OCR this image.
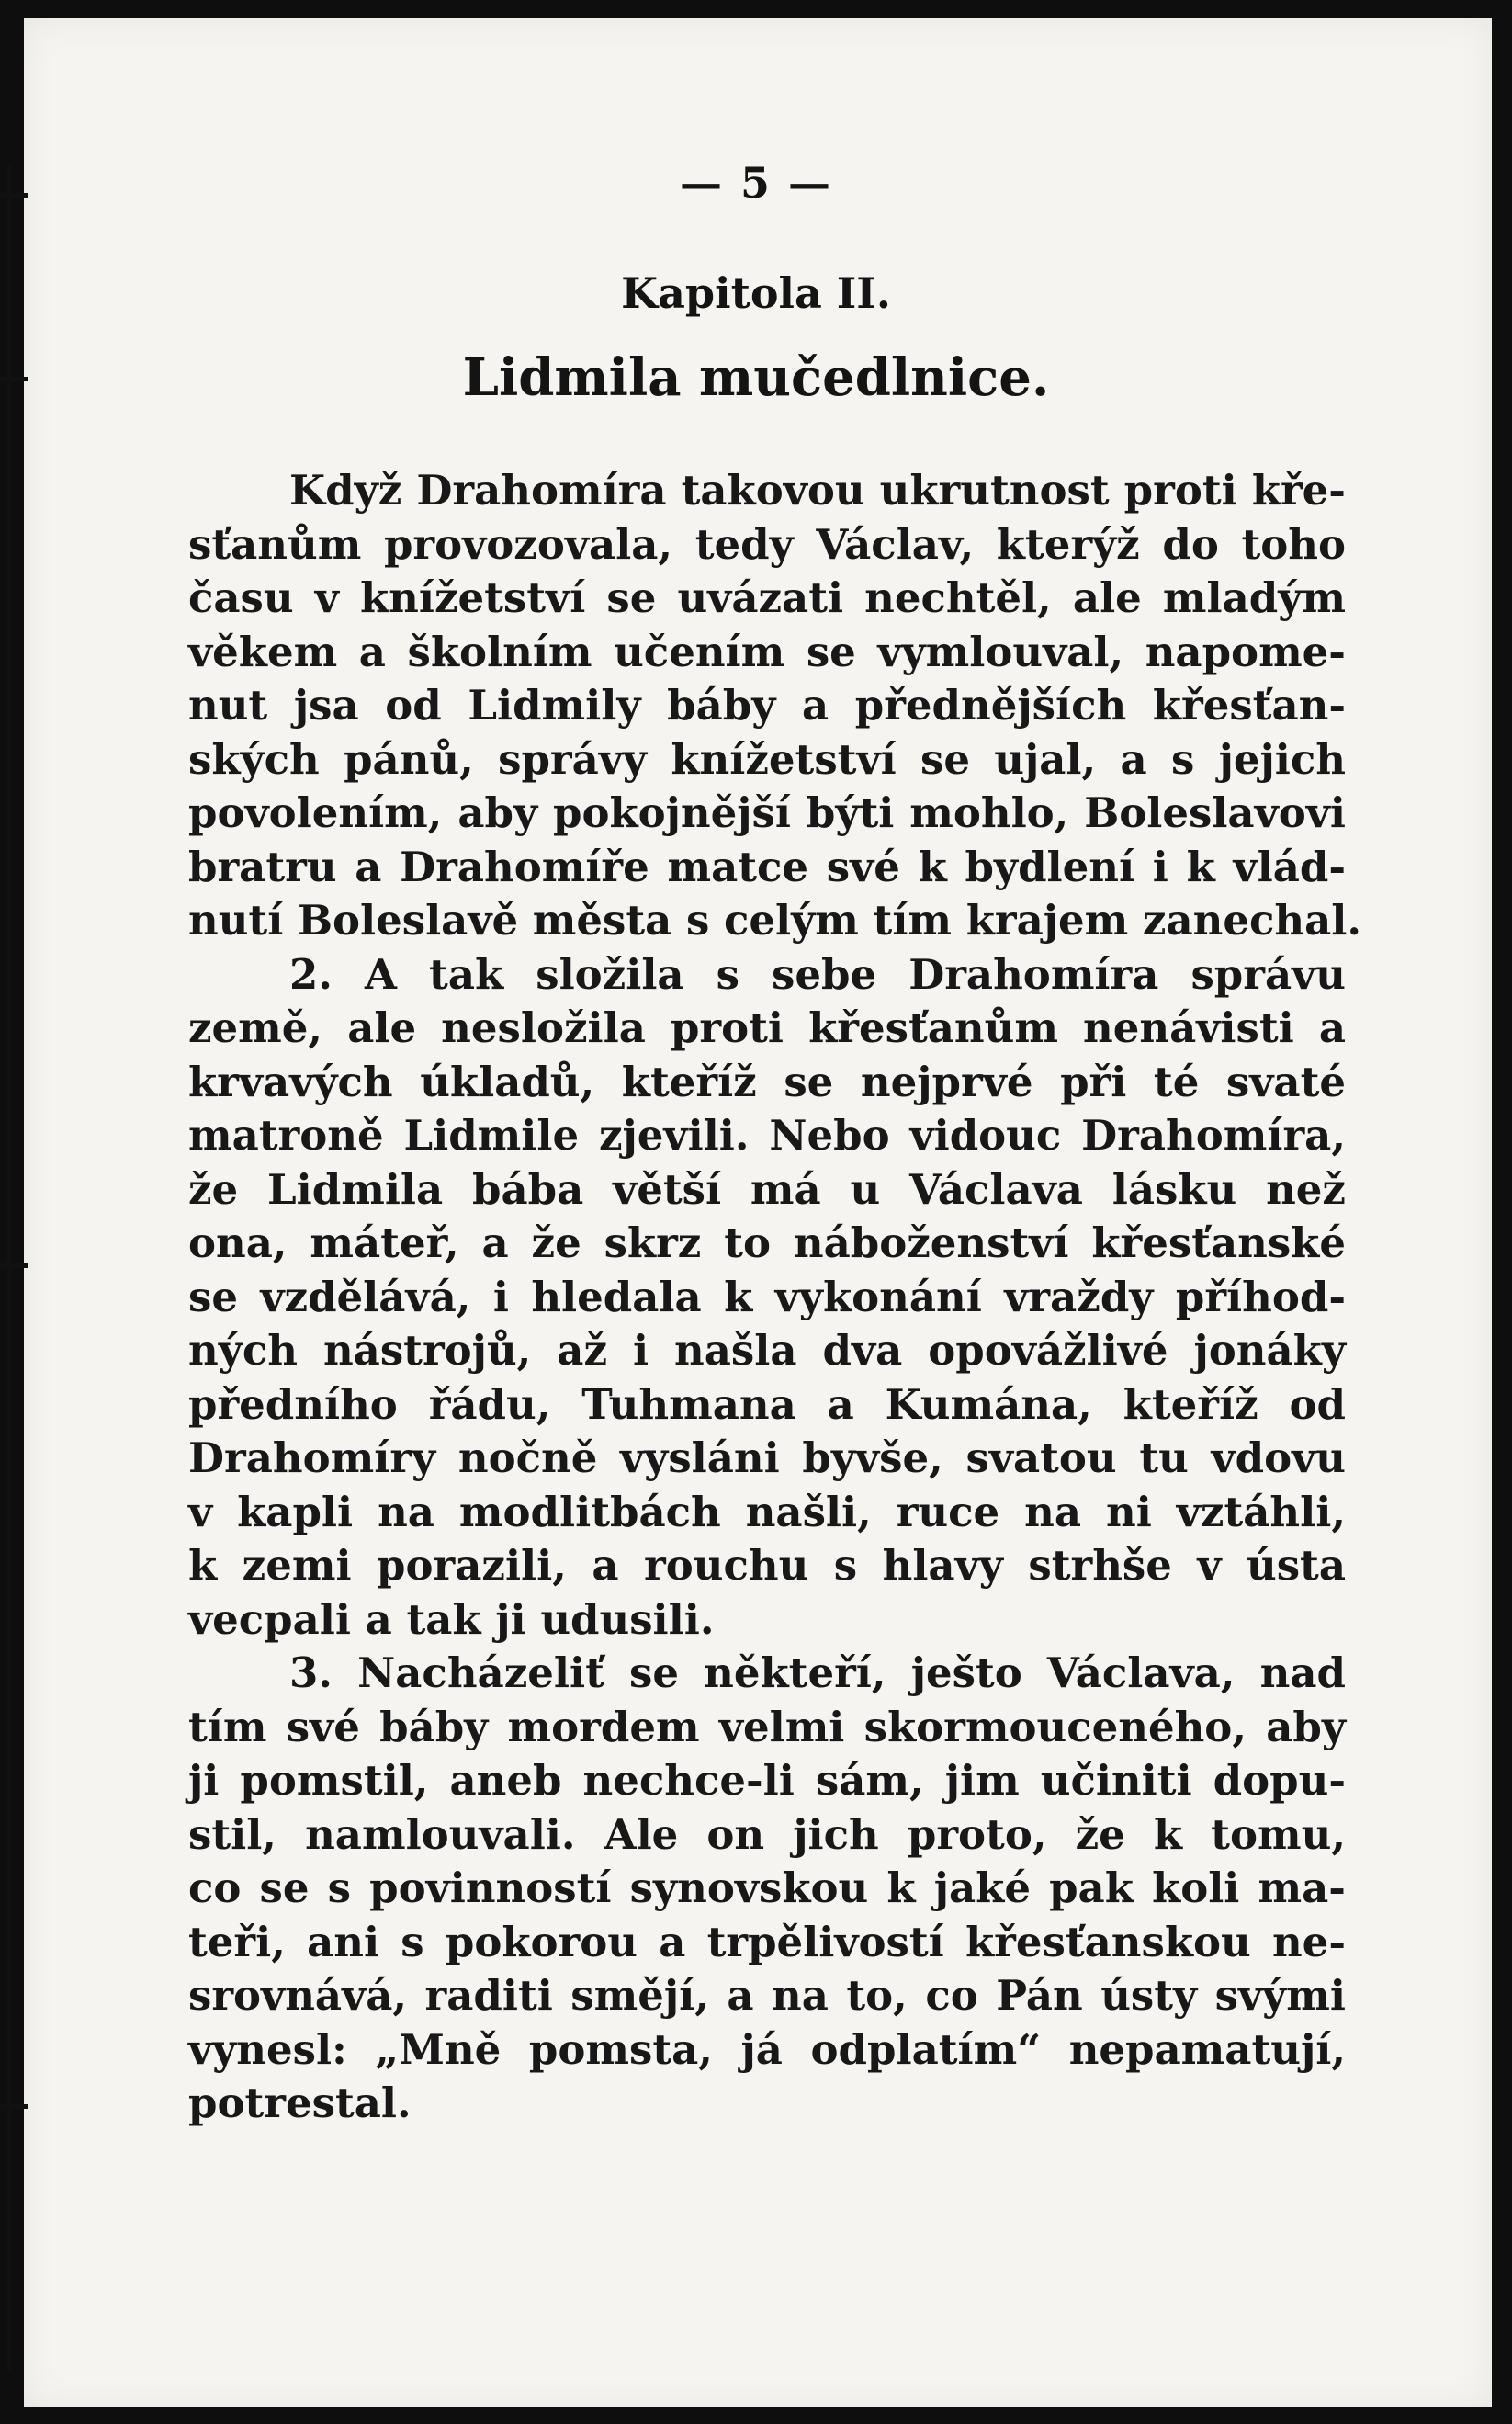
— 5 —
Kapitola II.
Lidmila mučedlnice.
Když Drahomíra takovou ukrutnost proti kře-
sťanům provozovala, tedy Václav, kterýž do toho
času v knížetství se uvázati nechtěl, ale mladým
věkem a školním učením se vymlouval, napome-
nut jsa od Lidmily báby a přednějších křesťan-
ských pánů, správy knížetství se ujal, a s jejich
povolením, aby pokojnější býti mohlo, Boleslavovi
bratru a Drahomíře matce své k bydlení i k vlád-
nutí Boleslavě města s celým tím krajem zanechal.
2. A tak složila s sebe Drahomíra správu
země, ale nesložila proti křesťanům nenávisti a
krvavých úkladů, kteříž se nejprvé při té svaté
matroně Lidmile zjevili. Nebo vidouc Drahomíra,
že Lidmila bába větší má u Václava lásku než
ona, máteř, a že skrz to náboženství křesťanské
se vzdělává, i hledala k vykonání vraždy příhod-
ných nástrojů, až i našla dva opovážlivé jonáky
předního řádu, Tuhmana a Kumána, kteříž od
Drahomíry nočně vysláni byvše, svatou tu vdovu
v kapli na modlitbách našli, ruce na ni vztáhli,
k zemi porazili, a rouchu s hlavy strhše v ústa
vecpali a tak ji udusili.
3. Nacházeliť se někteří, ješto Václava, nad
tím své báby mordem velmi skormouceného, aby
ji pomstil, aneb nechce-li sám, jim učiniti dopu-
stil, namlouvali. Ale on jich proto, že k tomu,
co se s povinností synovskou k jaké pak koli ma-
teři, ani s pokorou a trpělivostí křesťanskou ne-
srovnává, raditi smějí, a na to, co Pán ústy svými
vynesl: „Mně pomsta, já odplatím“ nepamatují,
potrestal.
